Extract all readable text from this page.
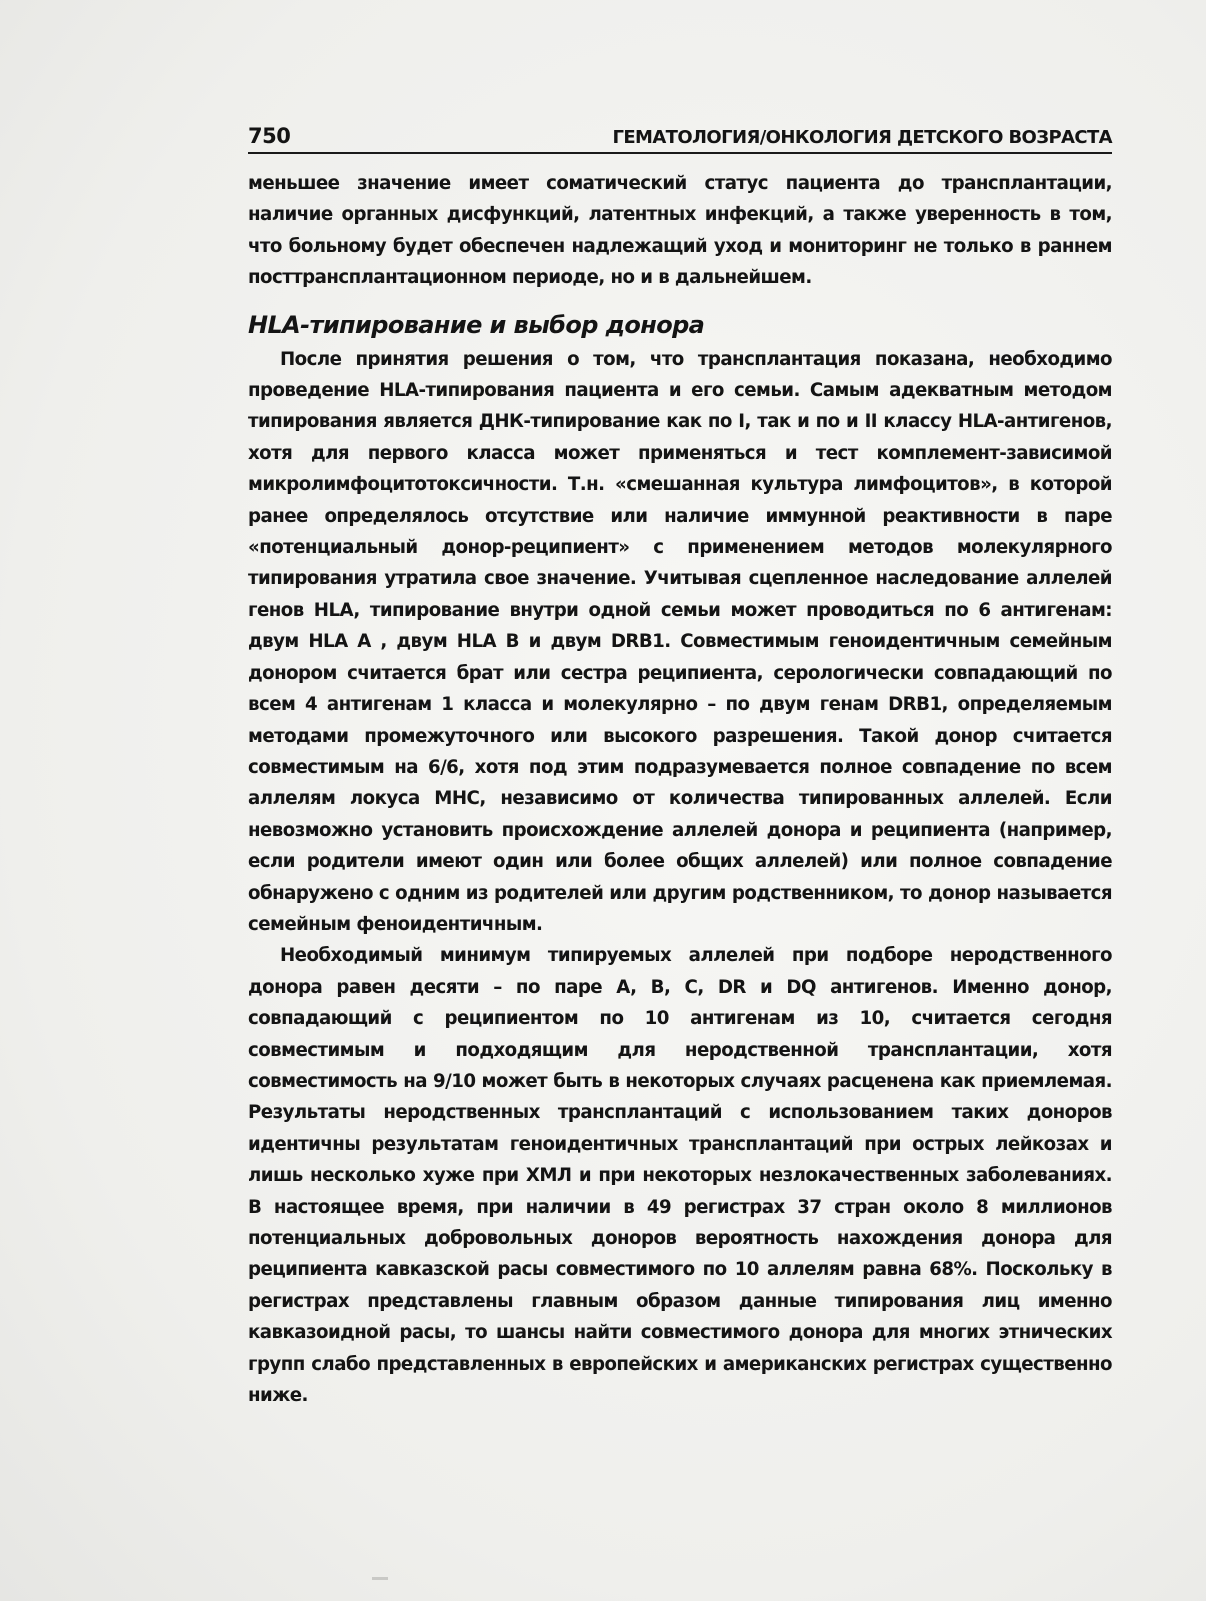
750	ГЕМАТОЛОГИЯ/ОНКОЛОГИЯ ДЕТСКОГО ВОЗРАСТА

меньшее значение имеет соматический статус пациента до трансплантации, наличие органных дисфункций, латентных инфекций, а также уверенность в том, что больному будет обеспечен надлежащий уход и мониторинг не только в раннем посттрансплантационном периоде, но и в дальнейшем.

HLA-типирование и выбор донора

После принятия решения о том, что трансплантация показана, необходимо проведение HLA-типирования пациента и его семьи. Самым адекватным методом типирования является ДНК-типирование как по I, так и по и II классу HLA-антигенов, хотя для первого класса может применяться и тест комплемент-зависимой микролимфоцитотоксичности. Т.н. «смешанная культура лимфоцитов», в которой ранее определялось отсутствие или наличие иммунной реактивности в паре «потенциальный донор-реципиент» с применением методов молекулярного типирования утратила свое значение. Учитывая сцепленное наследование аллелей генов HLA, типирование внутри одной семьи может проводиться по 6 антигенам: двум HLA A , двум HLA B и двум DRB1. Совместимым геноидентичным семейным донором считается брат или сестра реципиента, серологически совпадающий по всем 4 антигенам 1 класса и молекулярно – по двум генам DRB1, определяемым методами промежуточного или высокого разрешения. Такой донор считается совместимым на 6/6, хотя под этим подразумевается полное совпадение по всем аллелям локуса MHC, независимо от количества типированных аллелей. Если невозможно установить происхождение аллелей донора и реципиента (например, если родители имеют один или более общих аллелей) или полное совпадение обнаружено с одним из родителей или другим родственником, то донор называется семейным феноидентичным.

Необходимый минимум типируемых аллелей при подборе неродственного донора равен десяти – по паре A, B, C, DR и DQ антигенов. Именно донор, совпадающий с реципиентом по 10 антигенам из 10, считается сегодня совместимым и подходящим для неродственной трансплантации, хотя совместимость на 9/10 может быть в некоторых случаях расценена как приемлемая. Результаты неродственных трансплантаций с использованием таких доноров идентичны результатам геноидентичных трансплантаций при острых лейкозах и лишь несколько хуже при ХМЛ и при некоторых незлокачественных заболеваниях. В настоящее время, при наличии в 49 регистрах 37 стран около 8 миллионов потенциальных добровольных доноров вероятность нахождения донора для реципиента кавказской расы совместимого по 10 аллелям равна 68%. Поскольку в регистрах представлены главным образом данные типирования лиц именно кавказоидной расы, то шансы найти совместимого донора для многих этнических групп слабо представленных в европейских и американских регистрах существенно ниже.
